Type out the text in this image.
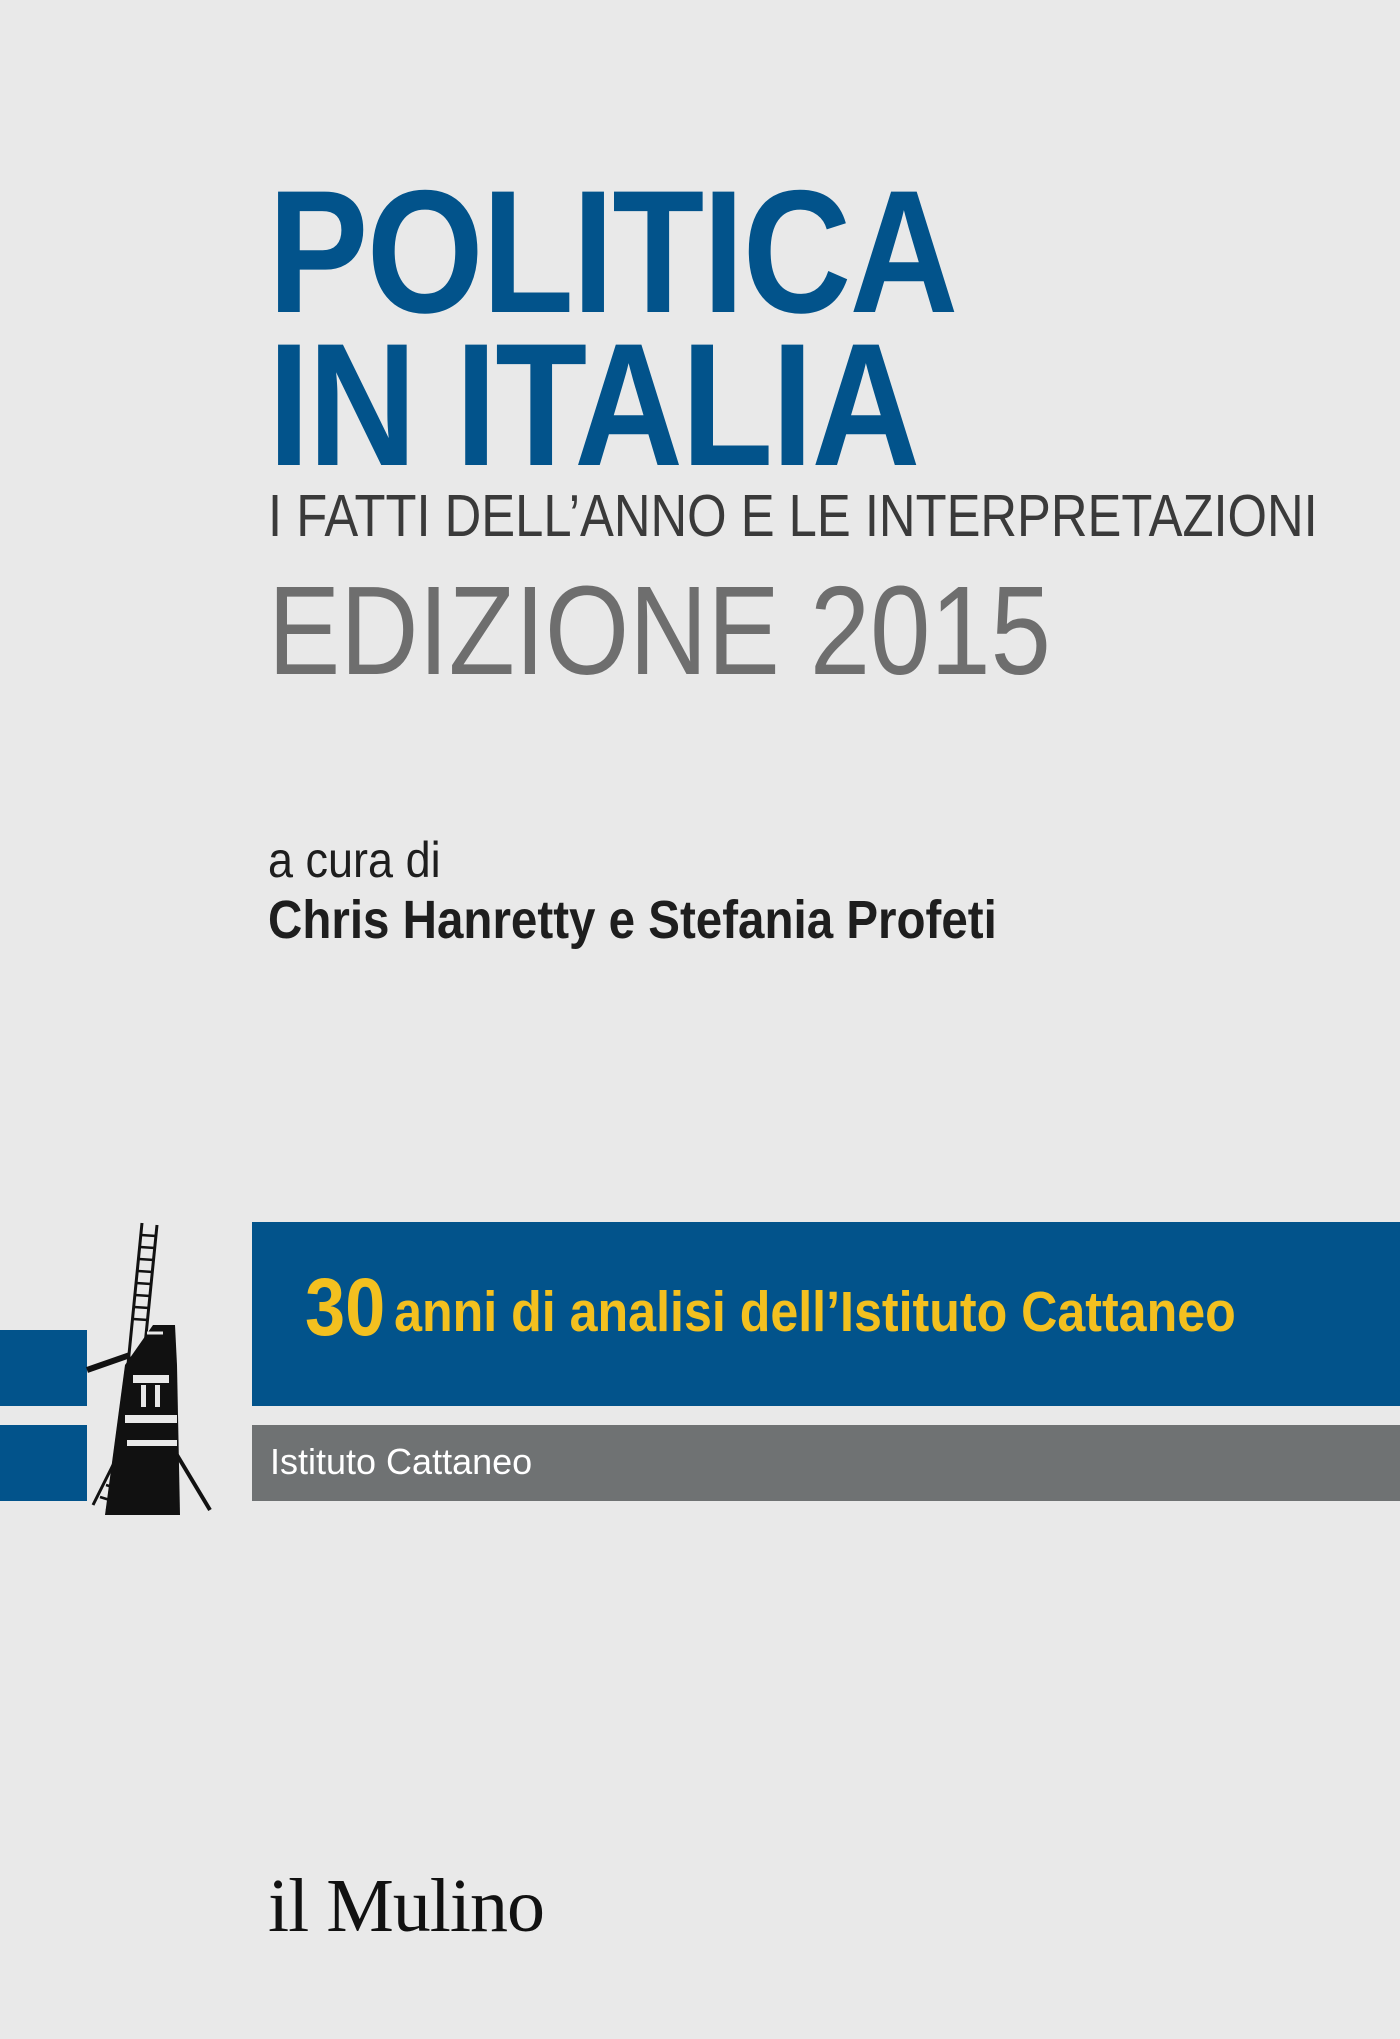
POLITICA
IN ITALIA
I FATTI DELL’ANNO E LE INTERPRETAZIONI
EDIZIONE 2015
a cura di
Chris Hanretty e Stefania Profeti
30 anni di analisi dell’Istituto Cattaneo
Istituto Cattaneo
il Mulino
